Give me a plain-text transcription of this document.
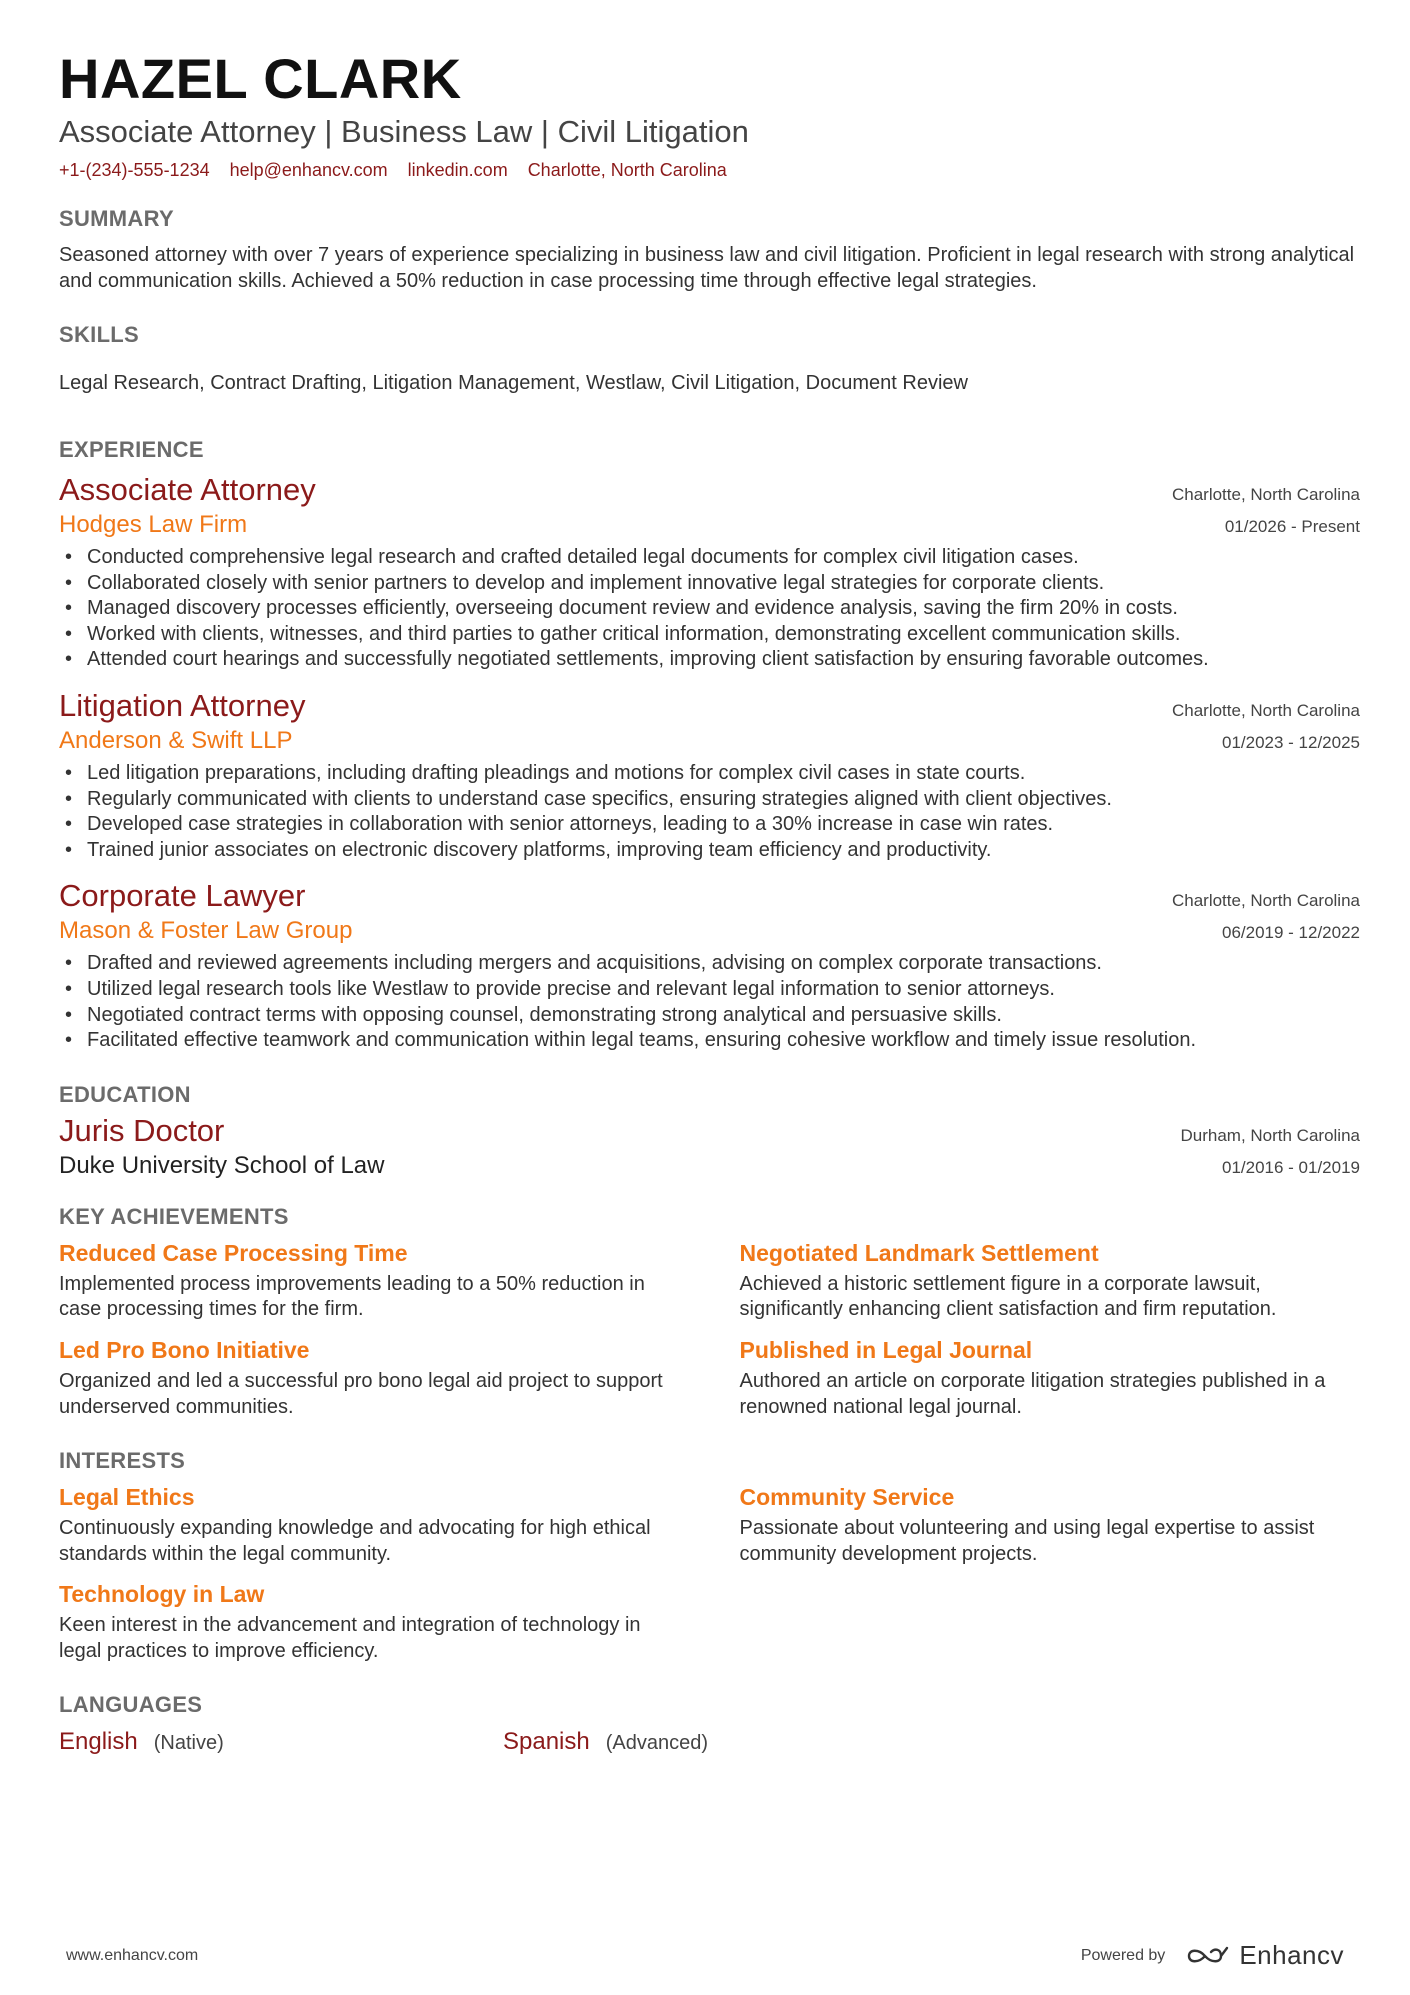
HAZEL CLARK
Associate Attorney | Business Law | Civil Litigation
+1-(234)-555-1234 help@enhancv.com linkedin.com Charlotte, North Carolina
SUMMARY
Seasoned attorney with over 7 years of experience specializing in business law and civil litigation. Proficient in legal research with strong analytical and communication skills. Achieved a 50% reduction in case processing time through effective legal strategies.
SKILLS
Legal Research, Contract Drafting, Litigation Management, Westlaw, Civil Litigation, Document Review
EXPERIENCE
Associate Attorney	Charlotte, North Carolina
Hodges Law Firm	01/2026 - Present
• Conducted comprehensive legal research and crafted detailed legal documents for complex civil litigation cases.
• Collaborated closely with senior partners to develop and implement innovative legal strategies for corporate clients.
• Managed discovery processes efficiently, overseeing document review and evidence analysis, saving the firm 20% in costs.
• Worked with clients, witnesses, and third parties to gather critical information, demonstrating excellent communication skills.
• Attended court hearings and successfully negotiated settlements, improving client satisfaction by ensuring favorable outcomes.
Litigation Attorney	Charlotte, North Carolina
Anderson & Swift LLP	01/2023 - 12/2025
• Led litigation preparations, including drafting pleadings and motions for complex civil cases in state courts.
• Regularly communicated with clients to understand case specifics, ensuring strategies aligned with client objectives.
• Developed case strategies in collaboration with senior attorneys, leading to a 30% increase in case win rates.
• Trained junior associates on electronic discovery platforms, improving team efficiency and productivity.
Corporate Lawyer	Charlotte, North Carolina
Mason & Foster Law Group	06/2019 - 12/2022
• Drafted and reviewed agreements including mergers and acquisitions, advising on complex corporate transactions.
• Utilized legal research tools like Westlaw to provide precise and relevant legal information to senior attorneys.
• Negotiated contract terms with opposing counsel, demonstrating strong analytical and persuasive skills.
• Facilitated effective teamwork and communication within legal teams, ensuring cohesive workflow and timely issue resolution.
EDUCATION
Juris Doctor	Durham, North Carolina
Duke University School of Law	01/2016 - 01/2019
KEY ACHIEVEMENTS
Reduced Case Processing Time
Implemented process improvements leading to a 50% reduction in case processing times for the firm.
Negotiated Landmark Settlement
Achieved a historic settlement figure in a corporate lawsuit, significantly enhancing client satisfaction and firm reputation.
Led Pro Bono Initiative
Organized and led a successful pro bono legal aid project to support underserved communities.
Published in Legal Journal
Authored an article on corporate litigation strategies published in a renowned national legal journal.
INTERESTS
Legal Ethics
Continuously expanding knowledge and advocating for high ethical standards within the legal community.
Community Service
Passionate about volunteering and using legal expertise to assist community development projects.
Technology in Law
Keen interest in the advancement and integration of technology in legal practices to improve efficiency.
LANGUAGES
English (Native)	Spanish (Advanced)
www.enhancv.com	Powered by	Enhancv
